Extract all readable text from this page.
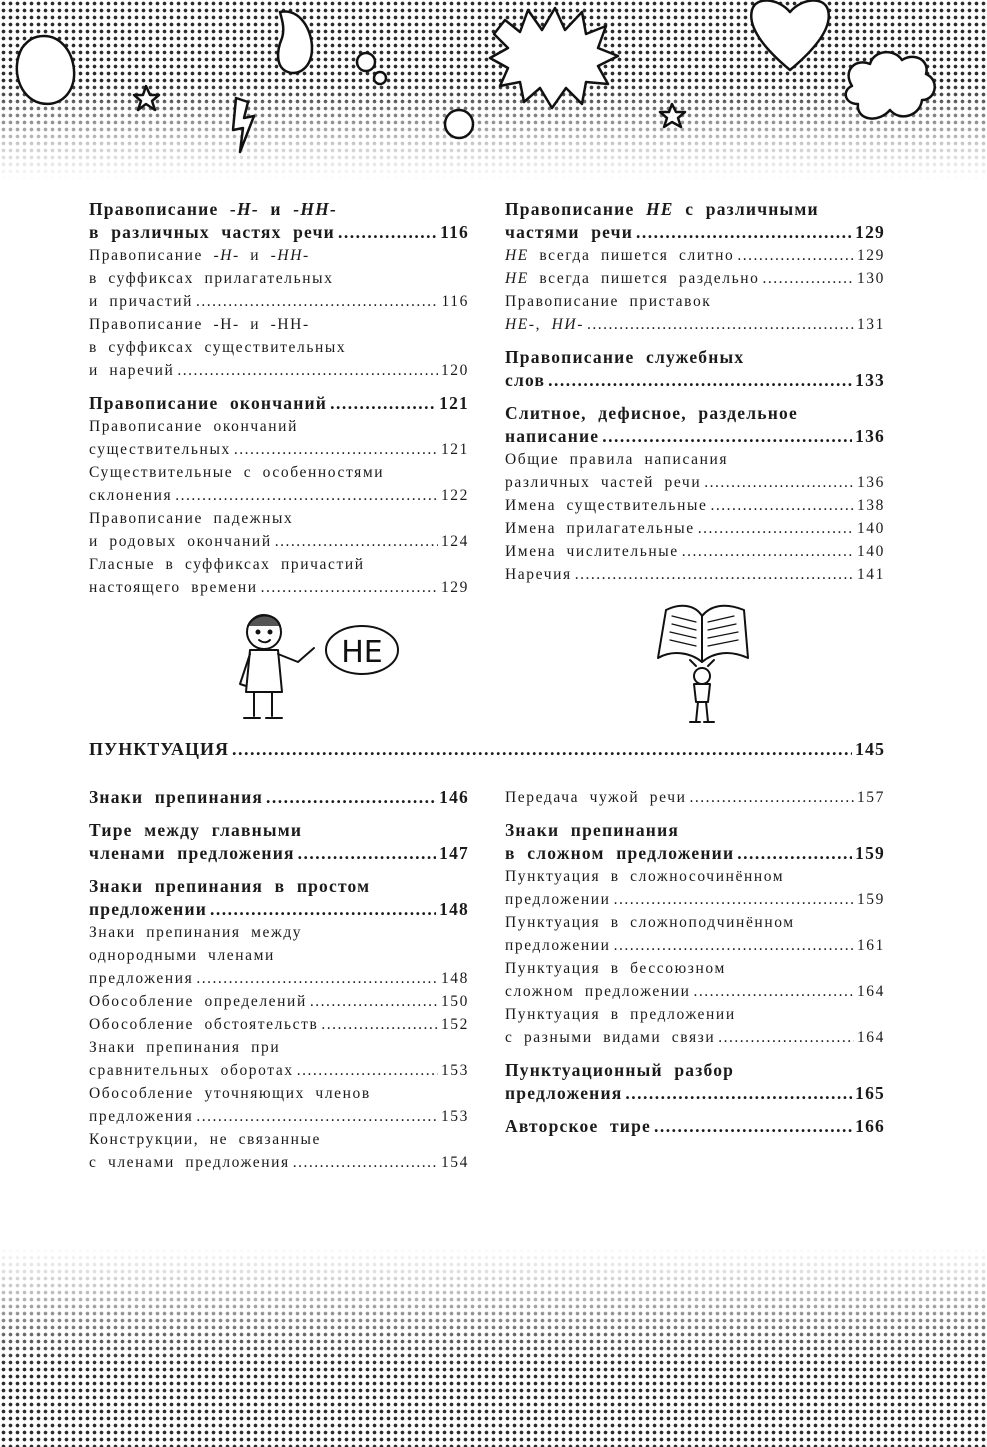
Правописание -Н- и -НН-
в различных частях речи .....	116
Правописание -Н- и -НН-
в суффиксах прилагательных
и причастий .....	116
Правописание -Н- и -НН-
в суффиксах существительных
и наречий .....	120
Правописание окончаний .....	121
Правописание окончаний
существительных .....	121
Существительные с особенностями
склонения .....	122
Правописание падежных
и родовых окончаний .....	124
Гласные в суффиксах причастий
настоящего времени .....	129
Правописание НЕ с различными
частями речи .....	129
НЕ всегда пишется слитно .....	129
НЕ всегда пишется раздельно .....	130
Правописание приставок
НЕ-, НИ- .....	131
Правописание служебных
слов .....	133
Слитное, дефисное, раздельное
написание .....	136
Общие правила написания
различных частей речи .....	136
Имена существительные .....	138
Имена прилагательные .....	140
Имена числительные .....	140
Наречия .....	141
НЕ
ПУНКТУАЦИЯ .....	145
Знаки препинания .....	146
Тире между главными
членами предложения .....	147
Знаки препинания в простом
предложении .....	148
Знаки препинания между
однородными членами
предложения .....	148
Обособление определений .....	150
Обособление обстоятельств .....	152
Знаки препинания при
сравнительных оборотах .....	153
Обособление уточняющих членов
предложения .....	153
Конструкции, не связанные
с членами предложения .....	154
Передача чужой речи .....	157
Знаки препинания
в сложном предложении .....	159
Пунктуация в сложносочинённом
предложении .....	159
Пунктуация в сложноподчинённом
предложении .....	161
Пунктуация в бессоюзном
сложном предложении .....	164
Пунктуация в предложении
с разными видами связи .....	164
Пунктуационный разбор
предложения .....	165
Авторское тире .....	166
